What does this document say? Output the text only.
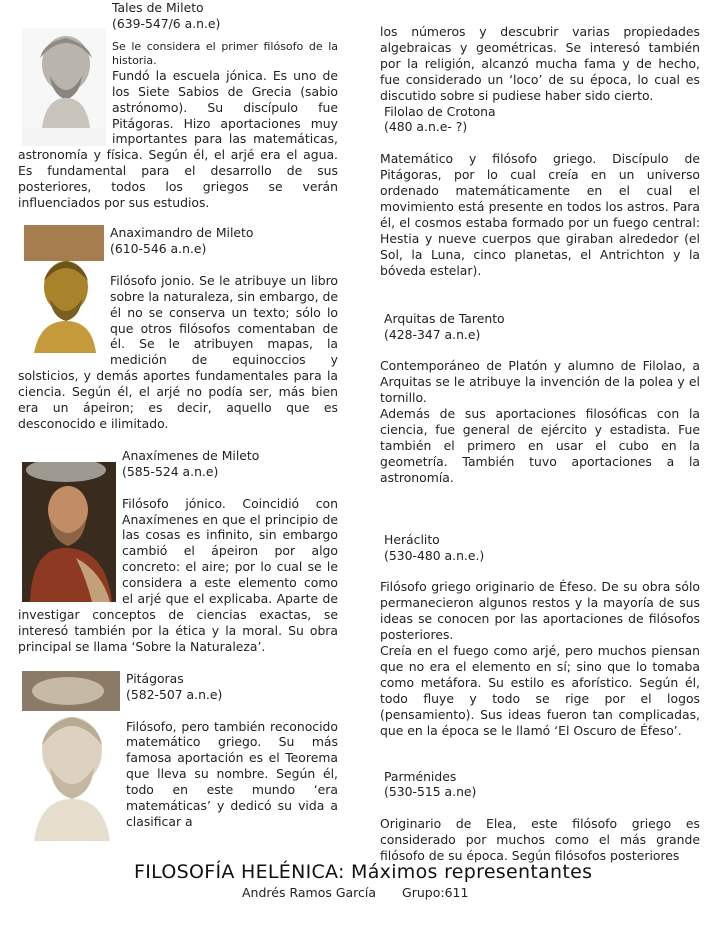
Tales de Mileto

(639-547/6 a.n.e)

Se le considera el primer filósofo de la historia.

Fundó la escuela jónica. Es uno de los Siete Sabios de Grecia (sabio astrónomo). Su discípulo fue Pitágoras. Hizo aportaciones muy importantes para las matemáticas, astronomía y física. Según él, el arjé era el agua. Es fundamental para el desarrollo de sus posteriores, todos los griegos se verán influenciados por sus estudios.

Anaximandro de Mileto

(610-546 a.n.e)

Filósofo jonio. Se le atribuye un libro sobre la naturaleza, sin embargo, de él no se conserva un texto; sólo lo que otros filósofos comentaban de él. Se le atribuyen mapas, la medición de equinoccios y solsticios, y demás aportes fundamentales para la ciencia. Según él, el arjé no podía ser, más bien era un ápeiron; es decir, aquello que es desconocido e ilimitado.

Anaxímenes de Mileto

(585-524 a.n.e)

Filósofo jónico. Coincidió con Anaxímenes en que el principio de las cosas es infinito, sin embargo cambió el ápeiron por algo concreto: el aire; por lo cual se le considera a este elemento como el arjé que el explicaba. Aparte de investigar conceptos de ciencias exactas, se interesó también por la ética y la moral. Su obra principal se llama ‘Sobre la Naturaleza’.

Pitágoras

(582-507 a.n.e)

Filósofo, pero también reconocido matemático griego. Su más famosa aportación es el Teorema que lleva su nombre. Según él, todo en este mundo ‘era matemáticas’ y dedicó su vida a clasificar a

los números y descubrir varias propiedades algebraicas y geométricas. Se interesó también por la religión, alcanzó mucha fama y de hecho, fue considerado un ‘loco’ de su época, lo cual es discutido sobre si pudiese haber sido cierto.

Filolao de Crotona

(480 a.n.e- ?)

Matemático y filósofo griego. Discípulo de Pitágoras, por lo cual creía en un universo ordenado matemáticamente en el cual el movimiento está presente en todos los astros. Para él, el cosmos estaba formado por un fuego central: Hestia y nueve cuerpos que giraban alrededor (el Sol, la Luna, cinco planetas, el Antrichton y la bóveda estelar).

Arquitas de Tarento

(428-347 a.n.e)

Contemporáneo de Platón y alumno de Filolao, a Arquitas se le atribuye la invención de la polea y el tornillo.

Además de sus aportaciones filosóficas con la ciencia, fue general de ejército y estadista. Fue también el primero en usar el cubo en la geometría. También tuvo aportaciones a la astronomía.

Heráclito

(530-480 a.n.e.)

Filósofo griego originario de Éfeso. De su obra sólo permanecieron algunos restos y la mayoría de sus ideas se conocen por las aportaciones de filósofos posteriores.

Creía en el fuego como arjé, pero muchos piensan que no era el elemento en sí; sino que lo tomaba como metáfora. Su estilo es aforístico. Según él, todo fluye y todo se rige por el logos (pensamiento). Sus ideas fueron tan complicadas, que en la época se le llamó ‘El Oscuro de Éfeso’.

Parménides

(530-515 a.ne)

Originario de Elea, este filósofo griego es considerado por muchos como el más grande filósofo de su época. Según filósofos posteriores

FILOSOFÍA HELÉNICA: Máximos representantes
Andrés Ramos García Grupo:611
